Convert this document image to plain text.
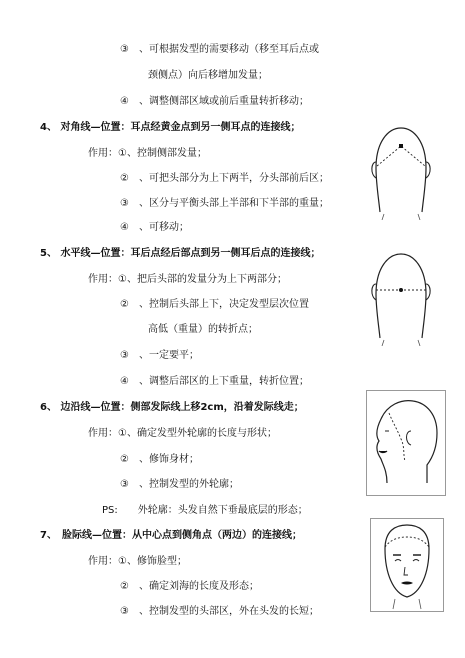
③　、可根据发型的需要移动（移至耳后点或
颈侧点）向后移增加发量；
④　、调整侧部区域或前后重量转折移动；
4、 对角线—位置：耳点经黄金点到另一侧耳点的连接线；
作用：①、控制侧部发量；
②　、可把头部分为上下两半，分头部前后区；
③　、区分与平衡头部上半部和下半部的重量；
④　、可移动；
5、 水平线—位置：耳后点经后部点到另一侧耳后点的连接线；
作用：①、把后头部的发量分为上下两部分；
②　、控制后头部上下，决定发型层次位置
高低（重量）的转折点；
③　、一定要平；
④　、调整后部区的上下重量，转折位置；
6、 边沿线—位置：侧部发际线上移2cm，沿着发际线走；
作用：①、确定发型外轮廓的长度与形状；
②　、修饰身材；
③　、控制发型的外轮廓；
PS:　　外轮廓：头发自然下垂最底层的形态；
7、　脸际线—位置：从中心点到侧角点（两边）的连接线；
作用：①、修饰脸型；
②　、确定刘海的长度及形态；
③　、控制发型的头部区，外在头发的长短；
